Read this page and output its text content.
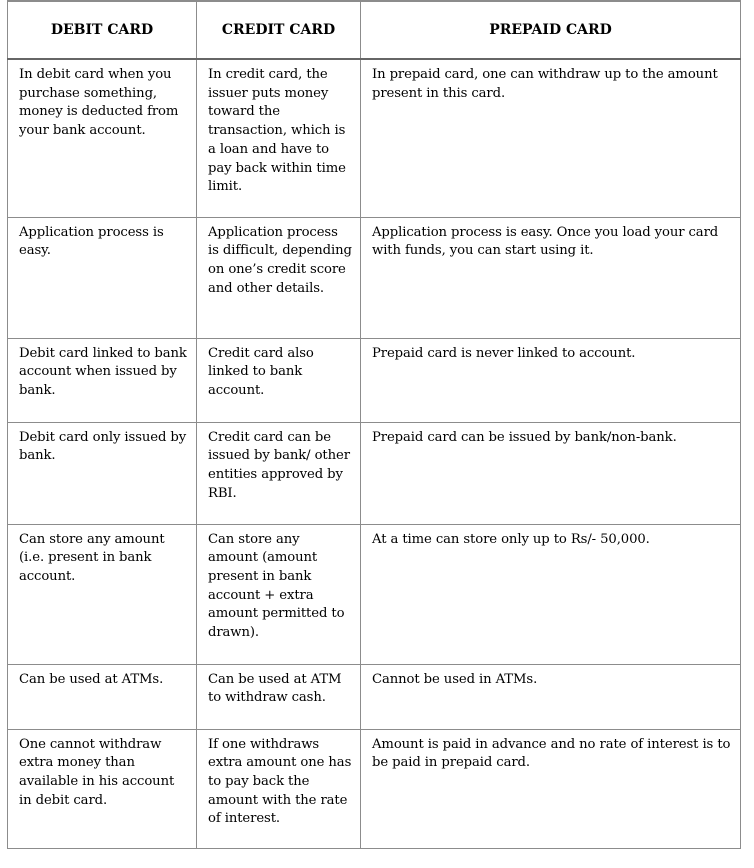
DEBIT CARD	CREDIT CARD	PREPAID CARD
In debit card when you purchase something, money is deducted from your bank account.	In credit card, the issuer puts money toward the transaction, which is a loan and have to pay back within time limit.	In prepaid card, one can withdraw up to the amount present in this card.
Application process is easy.	Application process is difficult, depending on one’s credit score and other details.	Application process is easy. Once you load your card with funds, you can start using it.
Debit card linked to bank account when issued by bank.	Credit card also linked to bank account.	Prepaid card is never linked to account.
Debit card only issued by bank.	Credit card can be issued by bank/ other entities approved by RBI.	Prepaid card can be issued by bank/non-bank.
Can store any amount (i.e. present in bank account.	Can store any amount (amount present in bank account + extra amount permitted to drawn).	At a time can store only up to Rs/- 50,000.
Can be used at ATMs.	Can be used at ATM to withdraw cash.	Cannot be used in ATMs.
One cannot withdraw extra money than available in his account in debit card.	If one withdraws extra amount one has to pay back the amount with the rate of interest.	Amount is paid in advance and no rate of interest is to be paid in prepaid card.
